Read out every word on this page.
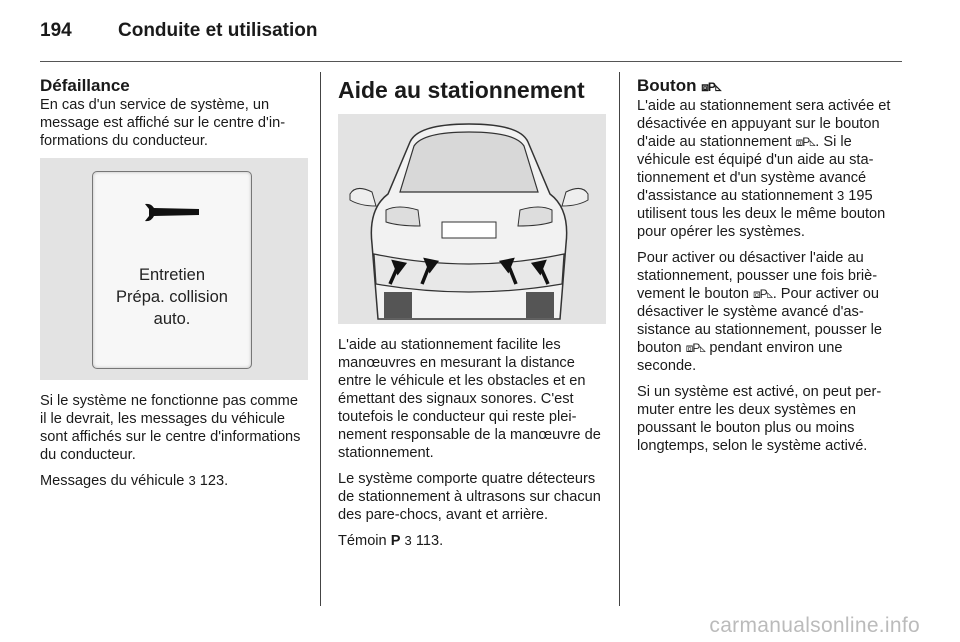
194 Conduite et utilisation
Défaillance

En cas d'un service de système, un message est affiché sur le centre d'informations du conducteur.

Entretien
Prépa. collision
auto.

Si le système ne fonctionne pas comme il le devrait, les messages du véhicule sont affichés sur le centre d'informations du conducteur.

Messages du véhicule 3 123.

Aide au stationnement

L'aide au stationnement facilite les manœuvres en mesurant la distance entre le véhicule et les obstacles et en émettant des signaux sonores. C'est toutefois le conducteur qui reste pleinement responsable de la manœuvre de stationnement.

Le système comporte quatre détecteurs de stationnement à ultrasons sur chacun des pare-chocs, avant et arrière.

Témoin P 3 113.

Bouton ⧈P◺

L'aide au stationnement sera activée et désactivée en appuyant sur le bouton d'aide au stationnement ⧈P◺. Si le véhicule est équipé d'un aide au stationnement et d'un système avancé d'assistance au stationnement 3 195 utilisent tous les deux le même bouton pour opérer les systèmes.

Pour activer ou désactiver l'aide au stationnement, pousser une fois brièvement le bouton ⧈P◺. Pour activer ou désactiver le système avancé d'assistance au stationnement, pousser le bouton ⧈P◺ pendant environ une seconde.

Si un système est activé, on peut permuter entre les deux systèmes en poussant le bouton plus ou moins longtemps, selon le système activé.

carmanualsonline.info
